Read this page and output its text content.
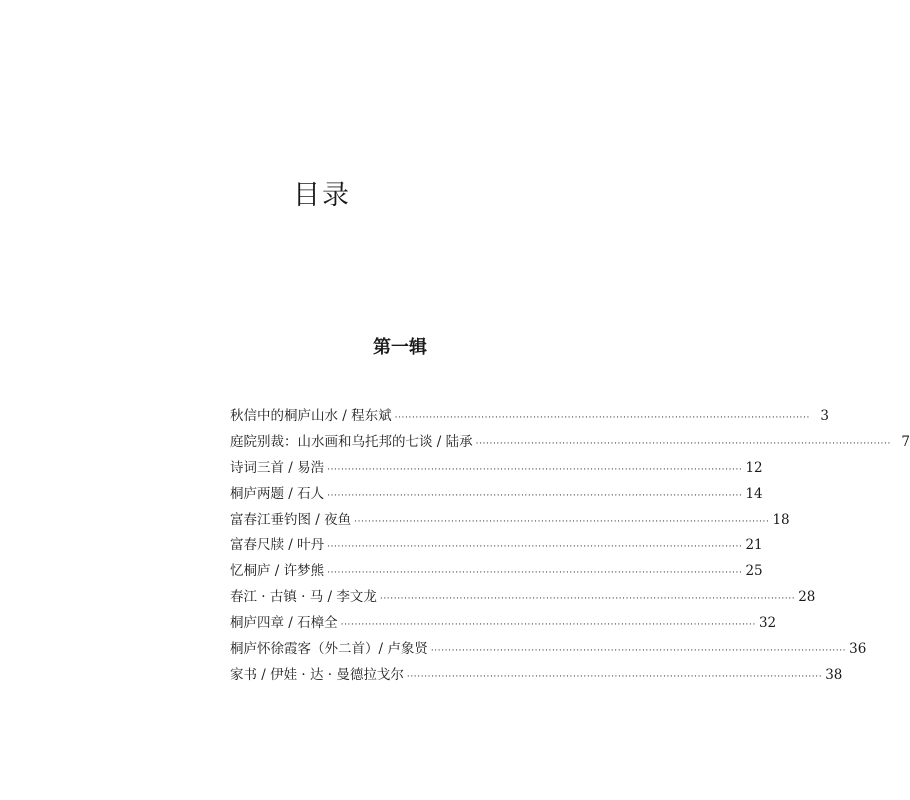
目录
第一辑
秋信中的桐庐山水 / 程东斌 ························································································································ 3
庭院别裁：山水画和乌托邦的七谈 / 陆承 ························································································································ 7
诗词三首 / 易浩 ························································································································ 12
桐庐两题 / 石人 ························································································································ 14
富春江垂钓图 / 夜鱼 ························································································································ 18
富春尺牍 / 叶丹 ························································································································ 21
忆桐庐 / 许梦熊 ························································································································ 25
春江 · 古镇 · 马 / 李文龙 ························································································································ 28
桐庐四章 / 石樟全 ························································································································ 32
桐庐怀徐霞客（外二首）/ 卢象贤 ························································································································ 36
家书 / 伊娃 · 达 · 曼德拉戈尔 ························································································································ 38
